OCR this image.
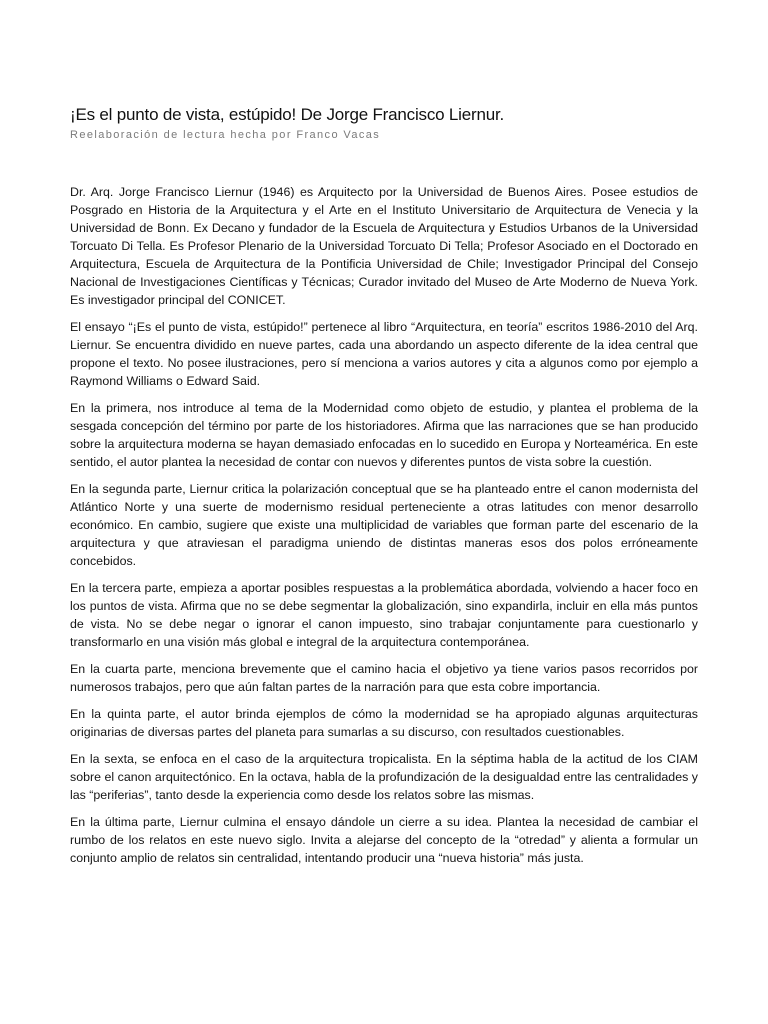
¡Es el punto de vista, estúpido! De Jorge Francisco Liernur.
Reelaboración de lectura hecha por Franco Vacas

Dr. Arq. Jorge Francisco Liernur (1946) es Arquitecto por la Universidad de Buenos Aires. Posee estudios de Posgrado en Historia de la Arquitectura y el Arte en el Instituto Universitario de Arquitectura de Venecia y la Universidad de Bonn. Ex Decano y fundador de la Escuela de Arquitectura y Estudios Urbanos de la Universidad Torcuato Di Tella. Es Profesor Plenario de la Universidad Torcuato Di Tella; Profesor Asociado en el Doctorado en Arquitectura, Escuela de Arquitectura de la Pontificia Universidad de Chile; Investigador Principal del Consejo Nacional de Investigaciones Científicas y Técnicas; Curador invitado del Museo de Arte Moderno de Nueva York. Es investigador principal del CONICET.

El ensayo “¡Es el punto de vista, estúpido!” pertenece al libro “Arquitectura, en teoría” escritos 1986-2010 del Arq. Liernur. Se encuentra dividido en nueve partes, cada una abordando un aspecto diferente de la idea central que propone el texto. No posee ilustraciones, pero sí menciona a varios autores y cita a algunos como por ejemplo a Raymond Williams o Edward Said.

En la primera, nos introduce al tema de la Modernidad como objeto de estudio, y plantea el problema de la sesgada concepción del término por parte de los historiadores. Afirma que las narraciones que se han producido sobre la arquitectura moderna se hayan demasiado enfocadas en lo sucedido en Europa y Norteamérica. En este sentido, el autor plantea la necesidad de contar con nuevos y diferentes puntos de vista sobre la cuestión.

En la segunda parte, Liernur critica la polarización conceptual que se ha planteado entre el canon modernista del Atlántico Norte y una suerte de modernismo residual perteneciente a otras latitudes con menor desarrollo económico. En cambio, sugiere que existe una multiplicidad de variables que forman parte del escenario de la arquitectura y que atraviesan el paradigma uniendo de distintas maneras esos dos polos erróneamente concebidos.

En la tercera parte, empieza a aportar posibles respuestas a la problemática abordada, volviendo a hacer foco en los puntos de vista. Afirma que no se debe segmentar la globalización, sino expandirla, incluir en ella más puntos de vista. No se debe negar o ignorar el canon impuesto, sino trabajar conjuntamente para cuestionarlo y transformarlo en una visión más global e integral de la arquitectura contemporánea.

En la cuarta parte, menciona brevemente que el camino hacia el objetivo ya tiene varios pasos recorridos por numerosos trabajos, pero que aún faltan partes de la narración para que esta cobre importancia.

En la quinta parte, el autor brinda ejemplos de cómo la modernidad se ha apropiado algunas arquitecturas originarias de diversas partes del planeta para sumarlas a su discurso, con resultados cuestionables.

En la sexta, se enfoca en el caso de la arquitectura tropicalista. En la séptima habla de la actitud de los CIAM sobre el canon arquitectónico. En la octava, habla de la profundización de la desigualdad entre las centralidades y las “periferias”, tanto desde la experiencia como desde los relatos sobre las mismas.

En la última parte, Liernur culmina el ensayo dándole un cierre a su idea. Plantea la necesidad de cambiar el rumbo de los relatos en este nuevo siglo. Invita a alejarse del concepto de la “otredad” y alienta a formular un conjunto amplio de relatos sin centralidad, intentando producir una “nueva historia” más justa.
